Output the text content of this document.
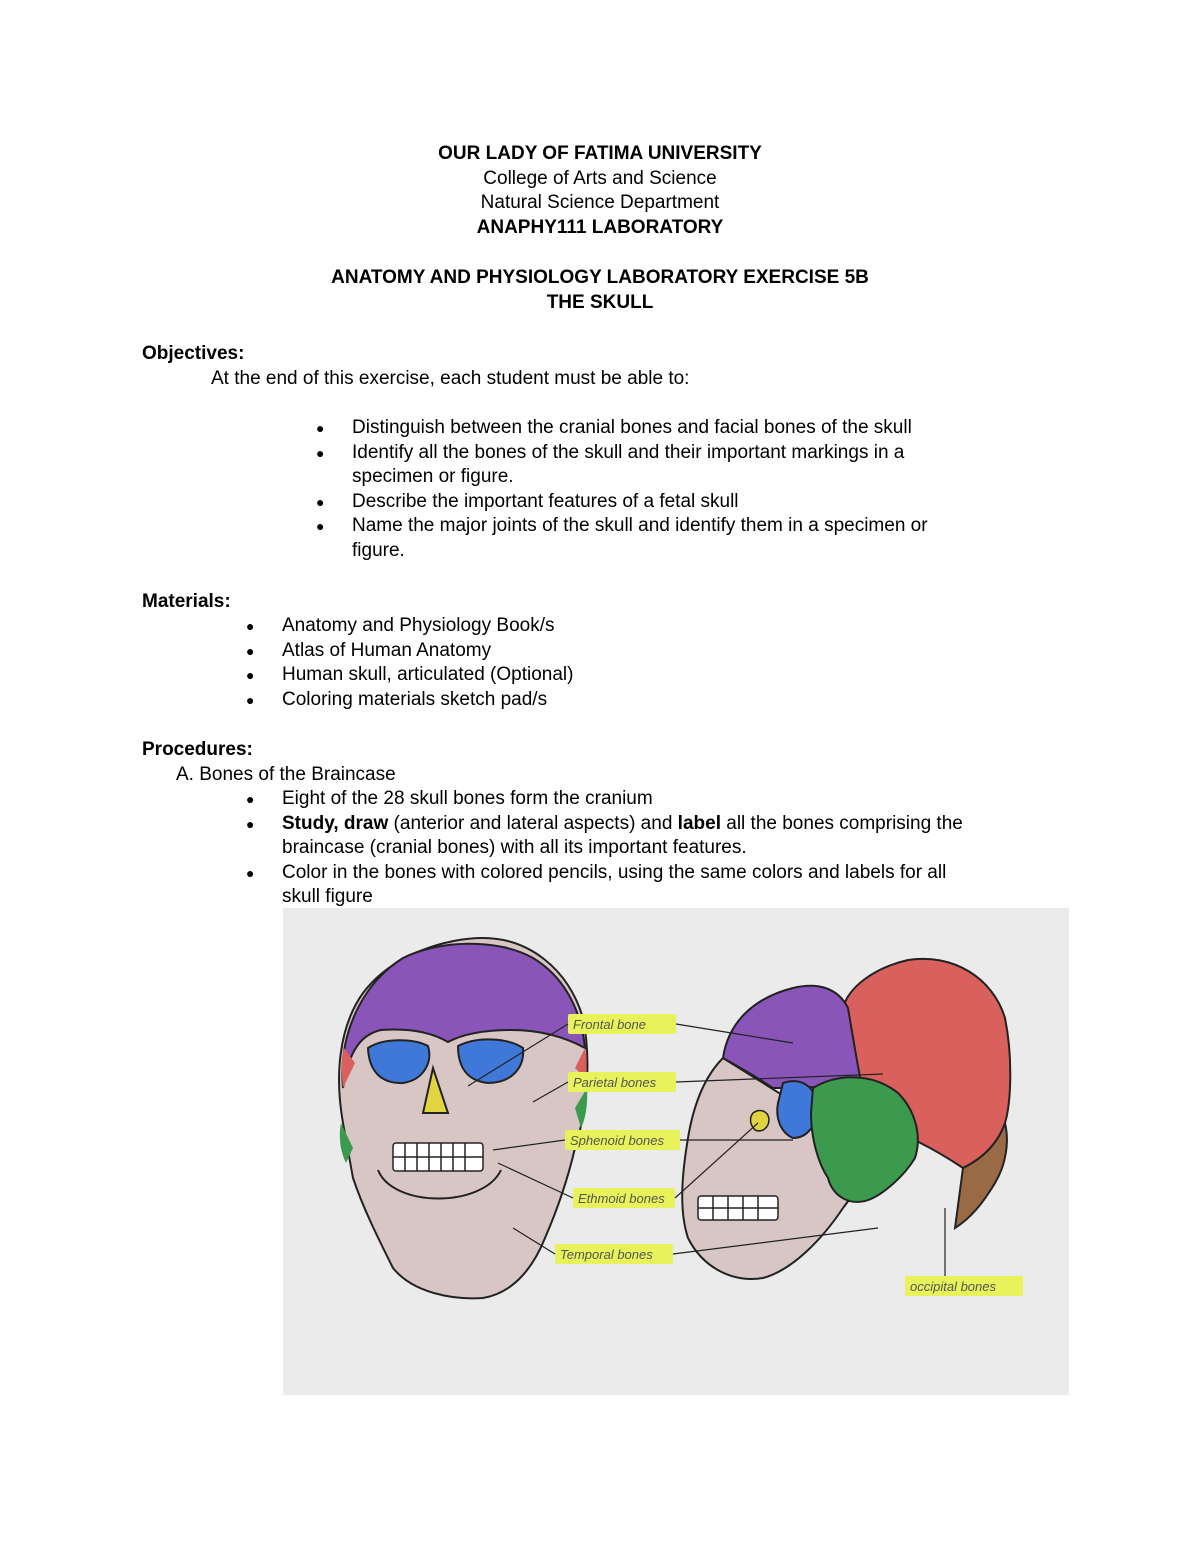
OUR LADY OF FATIMA UNIVERSITY
College of Arts and Science
Natural Science Department
ANAPHY111 LABORATORY
ANATOMY AND PHYSIOLOGY LABORATORY EXERCISE 5B
THE SKULL
Objectives:
At the end of this exercise, each student must be able to:
● Distinguish between the cranial bones and facial bones of the skull
● Identify all the bones of the skull and their important markings in a
specimen or figure.
● Describe the important features of a fetal skull
● Name the major joints of the skull and identify them in a specimen or
figure.
Materials:
● Anatomy and Physiology Book/s
● Atlas of Human Anatomy
● Human skull, articulated (Optional)
● Coloring materials sketch pad/s
Procedures:
A. Bones of the Braincase
● Eight of the 28 skull bones form the cranium
● Study, draw (anterior and lateral aspects) and label all the bones comprising the
braincase (cranial bones) with all its important features.
● Color in the bones with colored pencils, using the same colors and labels for all
skull figure
Frontal bone
Parietal bones
Sphenoid bones
Ethmoid bones
Temporal bones
occipital bones
